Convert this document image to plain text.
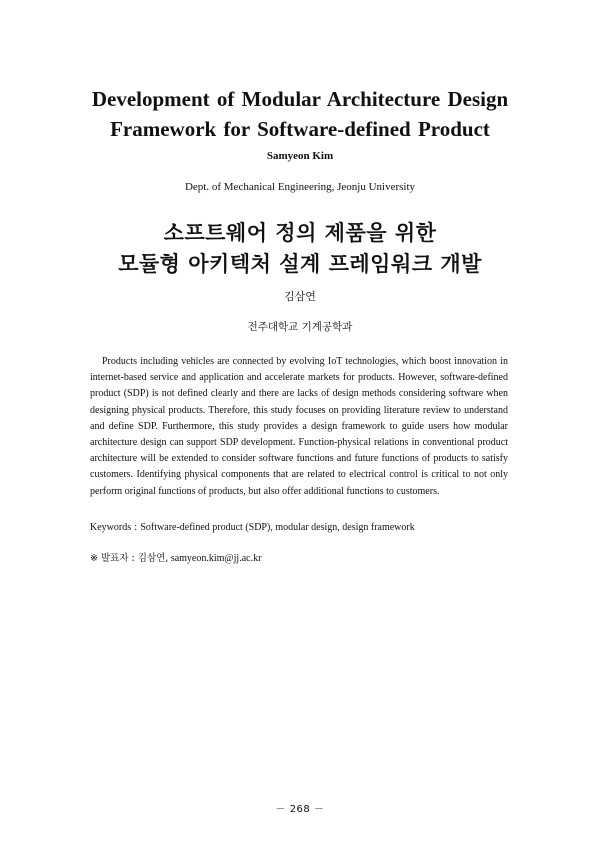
Development of Modular Architecture Design
Framework for Software-defined Product
Samyeon Kim
Dept. of Mechanical Engineering, Jeonju University
소프트웨어 정의 제품을 위한
모듈형 아키텍처 설계 프레임워크 개발
김삼연
전주대학교 기계공학과

Products including vehicles are connected by evolving IoT technologies, which boost innovation in internet-based service and application and accelerate markets for products. However, software-defined product (SDP) is not defined clearly and there are lacks of design methods considering software when designing physical products. Therefore, this study focuses on providing literature review to understand and define SDP. Furthermore, this study provides a design framework to guide users how modular architecture design can support SDP development. Function-physical relations in conventional product architecture will be extended to consider software functions and future functions of products to satisfy customers. Identifying physical components that are related to electrical control is critical to not only perform original functions of products, but also offer additional functions to customers.

Keywords : Software-defined product (SDP), modular design, design framework
※ 발표자 : 김삼연, samyeon.kim@jj.ac.kr
－ 268 －
